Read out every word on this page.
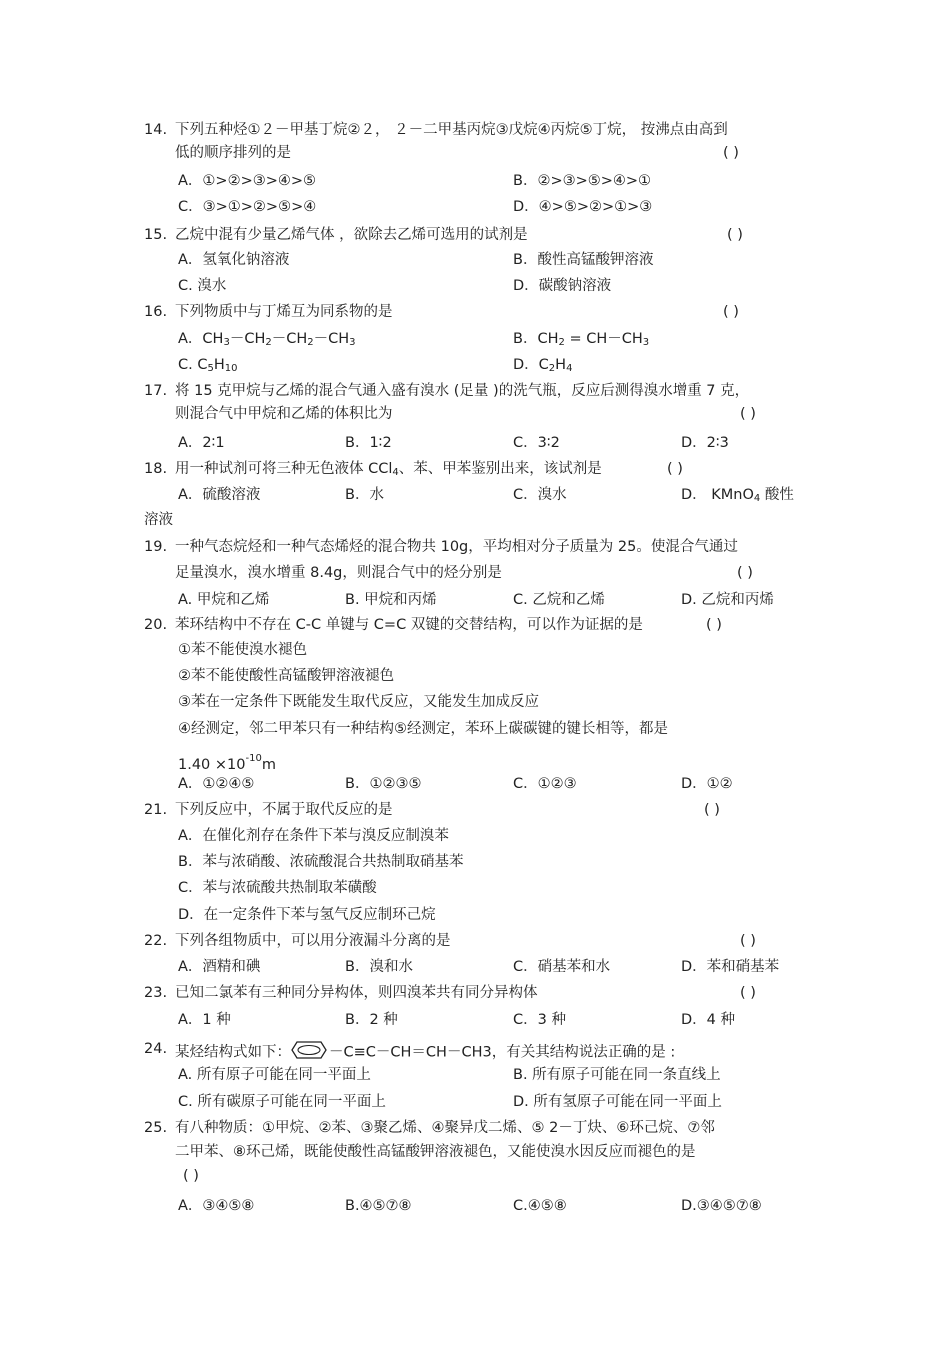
14. 下列五种烃①２－甲基丁烷②２， ２－二甲基丙烷③戊烷④丙烷⑤丁烷， 按沸点由高到
低的顺序排列的是	( )
A．①>②>③>④>⑤	B．②>③>⑤>④>①
C．③>①>②>⑤>④	D．④>⑤>②>①>③
15. 乙烷中混有少量乙烯气体 ，欲除去乙烯可选用的试剂是	( )
A．氢氧化钠溶液	B．酸性高锰酸钾溶液
C. 溴水	D．碳酸钠溶液
16. 下列物质中与丁烯互为同系物的是	( )
A．$CH_3-CH_2-CH_2-CH_3$	B．$CH_2 = CH-CH_3$
C. $C_5H_{10}$	D．$C_2H_4$
17. 将 15 克甲烷与乙烯的混合气通入盛有溴水 (足量 )的洗气瓶，反应后测得溴水增重 7 克，
则混合气中甲烷和乙烯的体积比为	( )
A．2∶1	B．1∶2	C．3∶2	D．2∶3
18. 用一种试剂可将三种无色液体 CCl$_4$、苯、甲苯鉴别出来，该试剂是	( )
A．硫酸溶液	B．水	C．溴水	D． KMnO$_4$ 酸性
溶液
19. 一种气态烷烃和一种气态烯烃的混合物共 10g，平均相对分子质量为 25。使混合气通过
足量溴水，溴水增重 8.4g，则混合气中的烃分别是	( )
A. 甲烷和乙烯	B. 甲烷和丙烯	C. 乙烷和乙烯	D. 乙烷和丙烯
20. 苯环结构中不存在 C-C 单键与 C=C 双键的交替结构，可以作为证据的是	( )
①苯不能使溴水褪色
②苯不能使酸性高锰酸钾溶液褪色
③苯在一定条件下既能发生取代反应，又能发生加成反应
④经测定，邻二甲苯只有一种结构⑤经测定，苯环上碳碳键的键长相等，都是
$1.40 \times 10^{-10}m$
A．①②④⑤	B．①②③⑤	C．①②③	D．①②
21. 下列反应中，不属于取代反应的是	( )
A．在催化剂存在条件下苯与溴反应制溴苯
B．苯与浓硝酸、浓硫酸混合共热制取硝基苯
C．苯与浓硫酸共热制取苯磺酸
D．在一定条件下苯与氢气反应制环己烷
22. 下列各组物质中，可以用分液漏斗分离的是	( )
A．酒精和碘	B．溴和水	C．硝基苯和水	D．苯和硝基苯
23. 已知二氯苯有三种同分异构体，则四溴苯共有同分异构体	( )
A．1 种	B．2 种	C．3 种	D．4 种
24. 某烃结构式如下：	－C≡C－CH＝CH－CH3，有关其结构说法正确的是 :
A. 所有原子可能在同一平面上	B. 所有原子可能在同一条直线上
C. 所有碳原子可能在同一平面上	D. 所有氢原子可能在同一平面上
25. 有八种物质：①甲烷、②苯、③聚乙烯、④聚异戊二烯、⑤ 2－丁炔、⑥环己烷、⑦邻
二甲苯、⑧环己烯，既能使酸性高锰酸钾溶液褪色，又能使溴水因反应而褪色的是
( )
A．③④⑤⑧	B.④⑤⑦⑧	C.④⑤⑧	D.③④⑤⑦⑧
